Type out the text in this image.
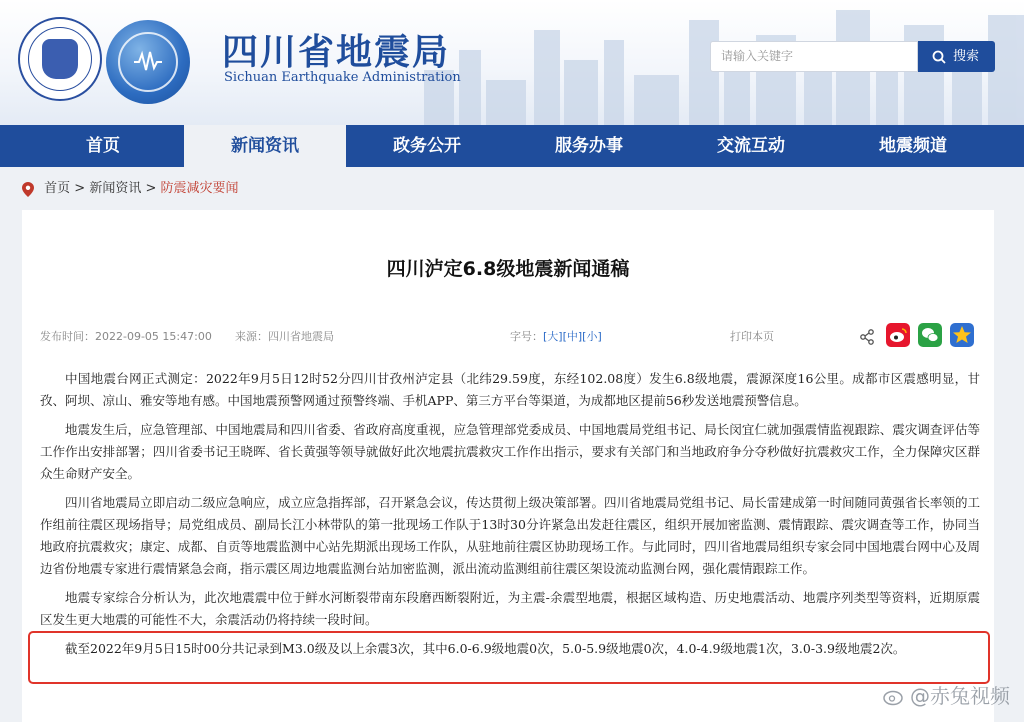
四川省地震局
Sichuan Earthquake Administration
请输入关键字	搜索
首页	新闻资讯	政务公开	服务办事	交流互动	地震频道
首页 > 新闻资讯 > 防震减灾要闻
四川泸定6.8级地震新闻通稿
发布时间：2022-09-05 15:47:00 来源：四川省地震局	字号： [大][中][小]	打印本页

中国地震台网正式测定：2022年9月5日12时52分四川甘孜州泸定县（北纬29.59度，东经102.08度）发生6.8级地震，震源深度16公里。成都市区震感明显，甘孜、阿坝、凉山、雅安等地有感。中国地震预警网通过预警终端、手机APP、第三方平台等渠道，为成都地区提前56秒发送地震预警信息。

地震发生后，应急管理部、中国地震局和四川省委、省政府高度重视，应急管理部党委成员、中国地震局党组书记、局长闵宜仁就加强震情监视跟踪、震灾调查评估等工作作出安排部署；四川省委书记王晓晖、省长黄强等领导就做好此次地震抗震救灾工作作出指示，要求有关部门和当地政府争分夺秒做好抗震救灾工作，全力保障灾区群众生命财产安全。

四川省地震局立即启动二级应急响应，成立应急指挥部，召开紧急会议，传达贯彻上级决策部署。四川省地震局党组书记、局长雷建成第一时间随同黄强省长率领的工作组前往震区现场指导；局党组成员、副局长江小林带队的第一批现场工作队于13时30分许紧急出发赶往震区，组织开展加密监测、震情跟踪、震灾调查等工作，协同当地政府抗震救灾；康定、成都、自贡等地震监测中心站先期派出现场工作队，从驻地前往震区协助现场工作。与此同时，四川省地震局组织专家会同中国地震台网中心及周边省份地震专家进行震情紧急会商，指示震区周边地震监测台站加密监测，派出流动监测组前往震区架设流动监测台网，强化震情跟踪工作。

地震专家综合分析认为，此次地震震中位于鲜水河断裂带南东段磨西断裂附近，为主震-余震型地震，根据区域构造、历史地震活动、地震序列类型等资料，近期原震区发生更大地震的可能性不大，余震活动仍将持续一段时间。

截至2022年9月5日15时00分共记录到M3.0级及以上余震3次，其中6.0-6.9级地震0次，5.0-5.9级地震0次，4.0-4.9级地震1次，3.0-3.9级地震2次。

@赤兔视频
